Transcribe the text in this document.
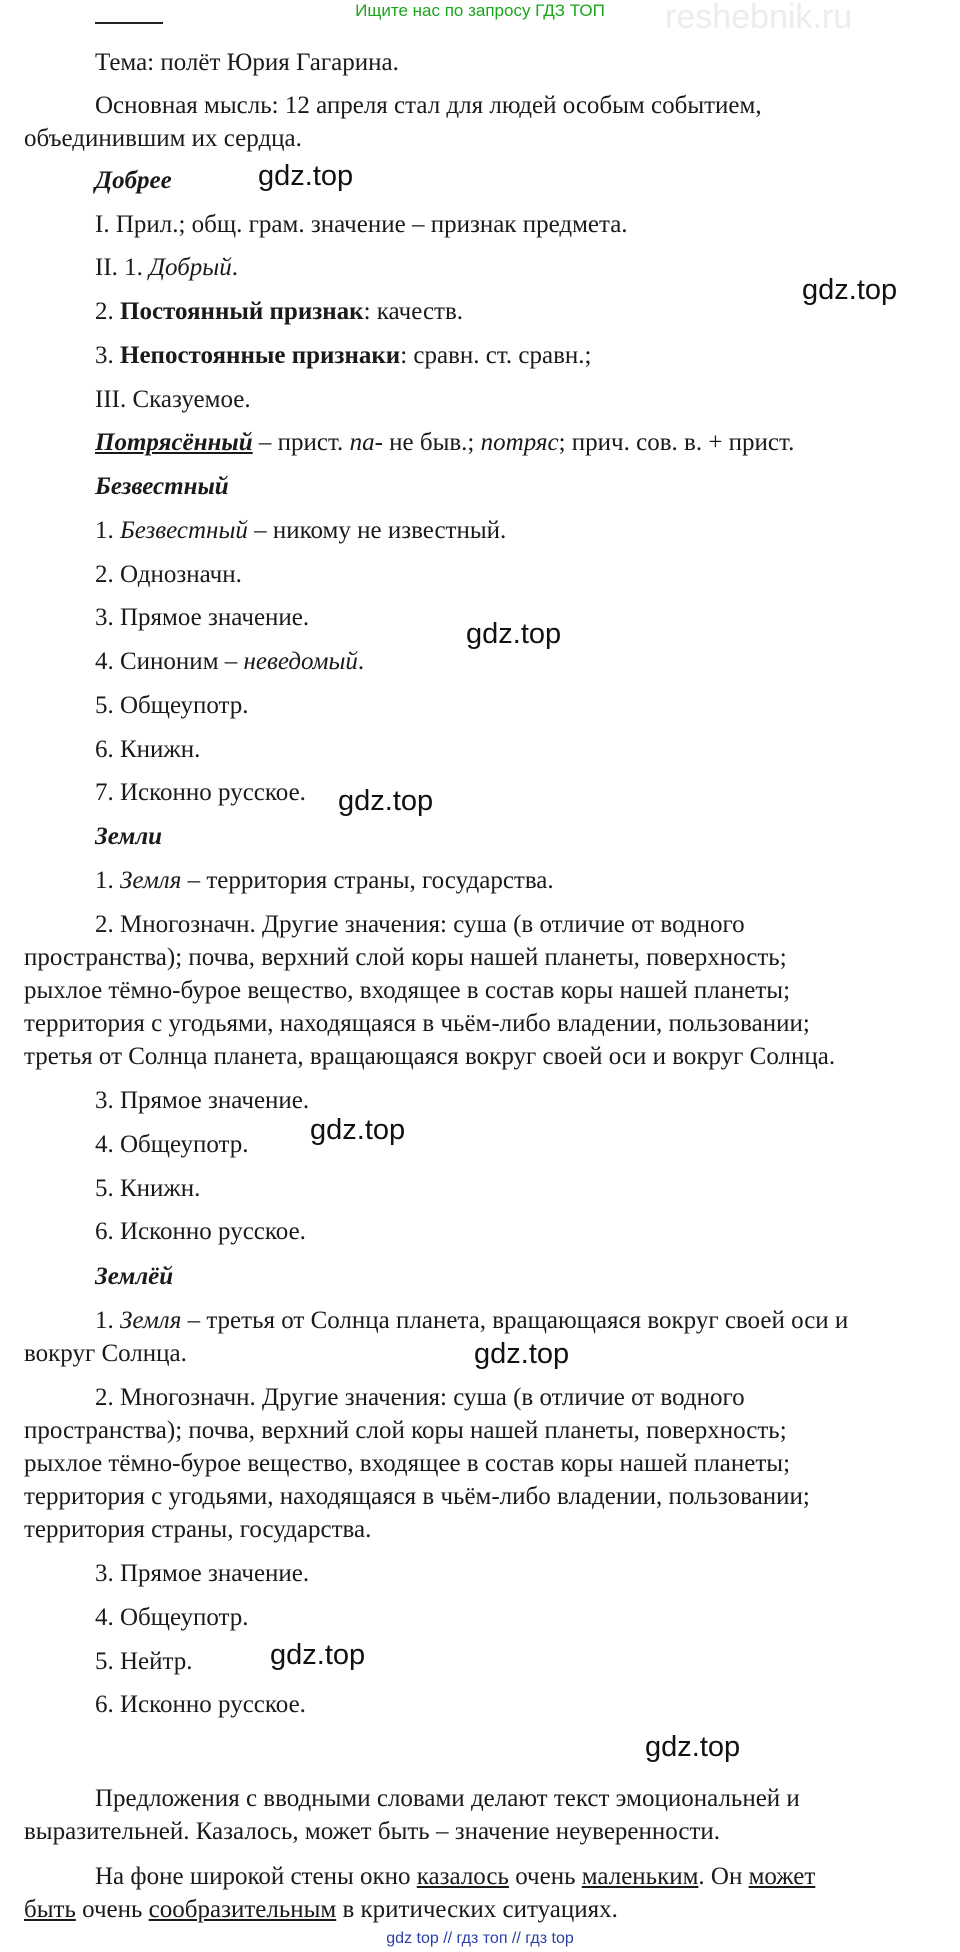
Ищите нас по запросу ГДЗ ТОП	reshebnik.ru
Тема: полёт Юрия Гагарина.
Основная мысль: 12 апреля стал для людей особым событием,
объединившим их сердца.
Добрее
I. Прил.; общ. грам. значение – признак предмета.
II. 1. Добрый.
2. Постоянный признак: качеств.
3. Непостоянные признаки: сравн. ст. сравн.;
III. Сказуемое.
Потрясённый – прист. па- не быв.; потряс; прич. сов. в. + прист.
Безвестный
1. Безвестный – никому не известный.
2. Однозначн.
3. Прямое значение.
4. Синоним – неведомый.
5. Общеупотр.
6. Книжн.
7. Исконно русское.
Земли
1. Земля – территория страны, государства.
2. Многозначн. Другие значения: суша (в отличие от водного
пространства); почва, верхний слой коры нашей планеты, поверхность;
рыхлое тёмно-бурое вещество, входящее в состав коры нашей планеты;
территория с угодьями, находящаяся в чьём-либо владении, пользовании;
третья от Солнца планета, вращающаяся вокруг своей оси и вокруг Солнца.
3. Прямое значение.
4. Общеупотр.
5. Книжн.
6. Исконно русское.
Землёй
1. Земля – третья от Солнца планета, вращающаяся вокруг своей оси и
вокруг Солнца.
2. Многозначн. Другие значения: суша (в отличие от водного
пространства); почва, верхний слой коры нашей планеты, поверхность;
рыхлое тёмно-бурое вещество, входящее в состав коры нашей планеты;
территория с угодьями, находящаяся в чьём-либо владении, пользовании;
территория страны, государства.
3. Прямое значение.
4. Общеупотр.
5. Нейтр.
6. Исконно русское.
Предложения с вводными словами делают текст эмоциональней и
выразительней. Казалось, может быть – значение неуверенности.
На фоне широкой стены окно казалось очень маленьким. Он может
быть очень сообразительным в критических ситуациях.
gdz.top
gdz.top
gdz.top
gdz.top
gdz.top
gdz.top
gdz.top
gdz.top
gdz top // гдз топ // гдз top
